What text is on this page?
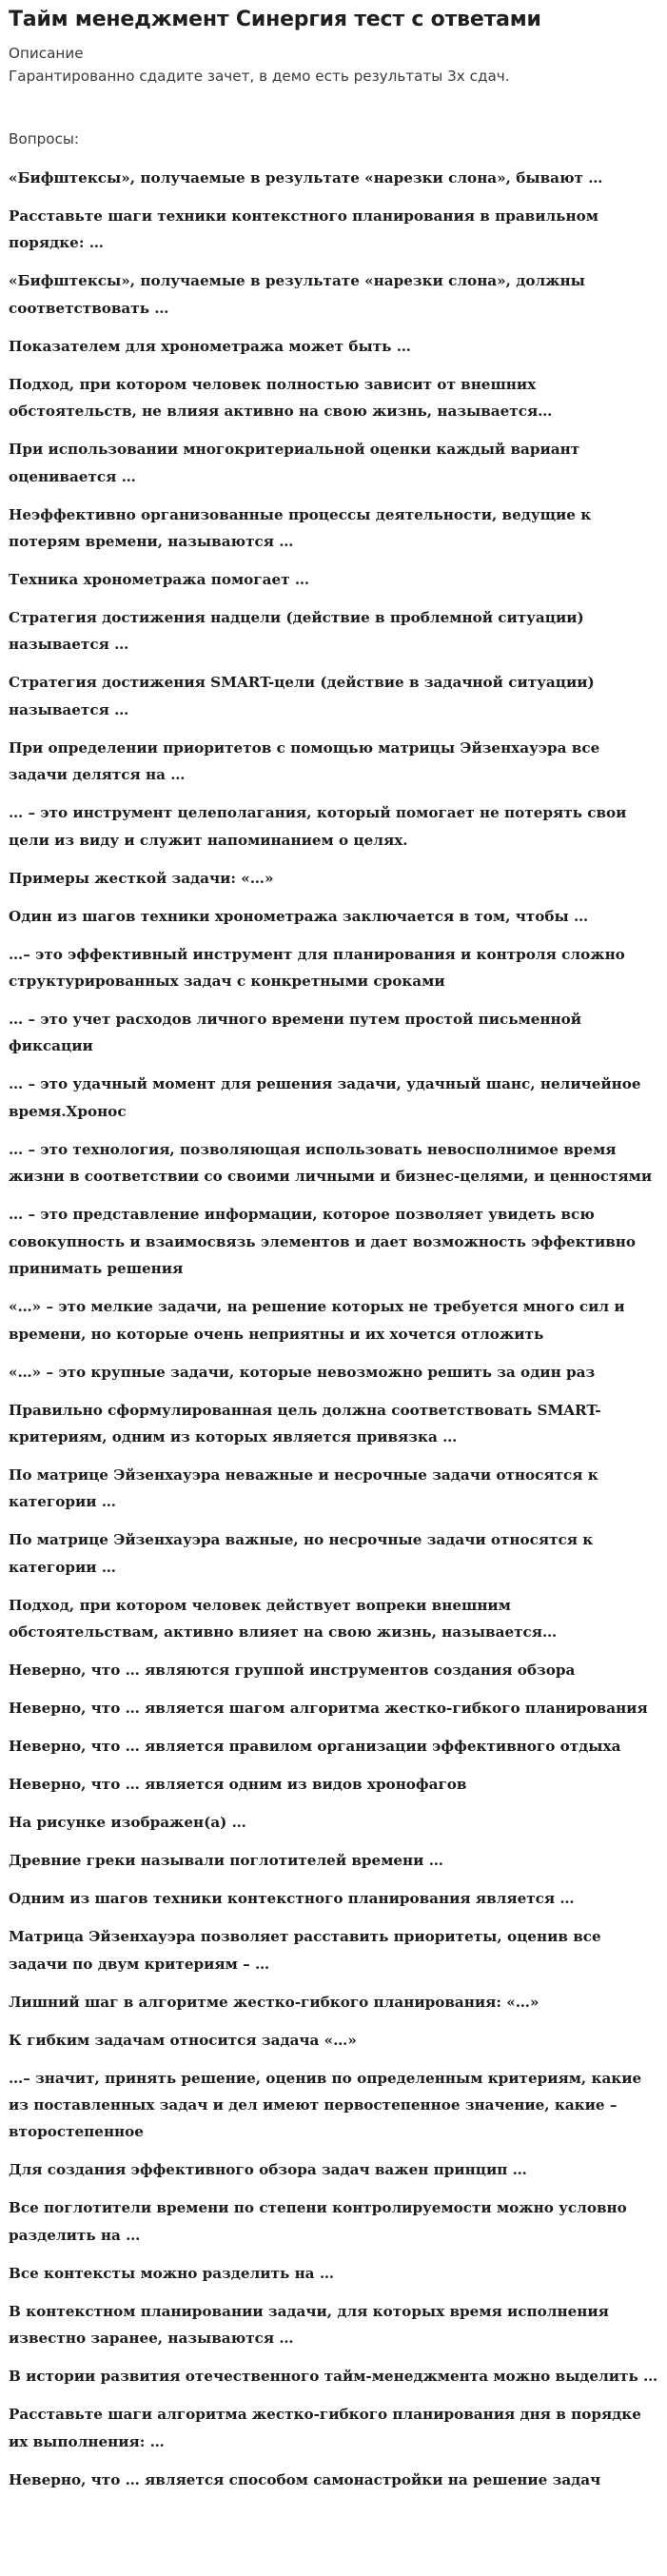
Тайм менеджмент Синергия тест с ответами
Описание
Гарантированно сдадите зачет, в демо есть результаты 3х сдач.
Вопросы:
«Бифштексы», получаемые в результате «нарезки слона», бывают …
Расставьте шаги техники контекстного планирования в правильном порядке: …
«Бифштексы», получаемые в результате «нарезки слона», должны соответствовать …
Показателем для хронометража может быть …
Подход, при котором человек полностью зависит от внешних обстоятельств, не влияя активно на свою жизнь, называется…
При использовании многокритериальной оценки каждый вариант оценивается …
Неэффективно организованные процессы деятельности, ведущие к потерям времени, называются …
Техника хронометража помогает …
Стратегия достижения надцели (действие в проблемной ситуации) называется …
Стратегия достижения SMART-цели (действие в задачной ситуации) называется …
При определении приоритетов с помощью матрицы Эйзенхауэра все задачи делятся на …
… – это инструмент целеполагания, который помогает не потерять свои цели из виду и служит напоминанием о целях.
Примеры жесткой задачи: «…»
Один из шагов техники хронометража заключается в том, чтобы …
…– это эффективный инструмент для планирования и контроля сложно структурированных задач с конкретными сроками
… – это учет расходов личного времени путем простой письменной фиксации
… – это удачный момент для решения задачи, удачный шанс, неличейное время.Хронос
… – это технология, позволяющая использовать невосполнимое время жизни в соответствии со своими личными и бизнес-целями, и ценностями
… – это представление информации, которое позволяет увидеть всю совокупность и взаимосвязь элементов и дает возможность эффективно принимать решения
«…» – это мелкие задачи, на решение которых не требуется много сил и времени, но которые очень неприятны и их хочется отложить
«…» – это крупные задачи, которые невозможно решить за один раз
Правильно сформулированная цель должна соответствовать SMART-критериям, одним из которых является привязка …
По матрице Эйзенхауэра неважные и несрочные задачи относятся к категории …
По матрице Эйзенхауэра важные, но несрочные задачи относятся к категории …
Подход, при котором человек действует вопреки внешним обстоятельствам, активно влияет на свою жизнь, называется…
Неверно, что … являются группой инструментов создания обзора
Неверно, что … является шагом алгоритма жестко-гибкого планирования
Неверно, что … является правилом организации эффективного отдыха
Неверно, что … является одним из видов хронофагов
На рисунке изображен(а) …
Древние греки называли поглотителей времени …
Одним из шагов техники контекстного планирования является …
Матрица Эйзенхауэра позволяет расставить приоритеты, оценив все задачи по двум критериям – …
Лишний шаг в алгоритме жестко-гибкого планирования: «…»
К гибким задачам относится задача «…»
…– значит, принять решение, оценив по определенным критериям, какие из поставленных задач и дел имеют первостепенное значение, какие – второстепенное
Для создания эффективного обзора задач важен принцип …
Все поглотители времени по степени контролируемости можно условно разделить на …
Все контексты можно разделить на …
В контекстном планировании задачи, для которых время исполнения известно заранее, называются …
В истории развития отечественного тайм-менеджмента можно выделить …
Расставьте шаги алгоритма жестко-гибкого планирования дня в порядке их выполнения: …
Неверно, что … является способом самонастройки на решение задач
